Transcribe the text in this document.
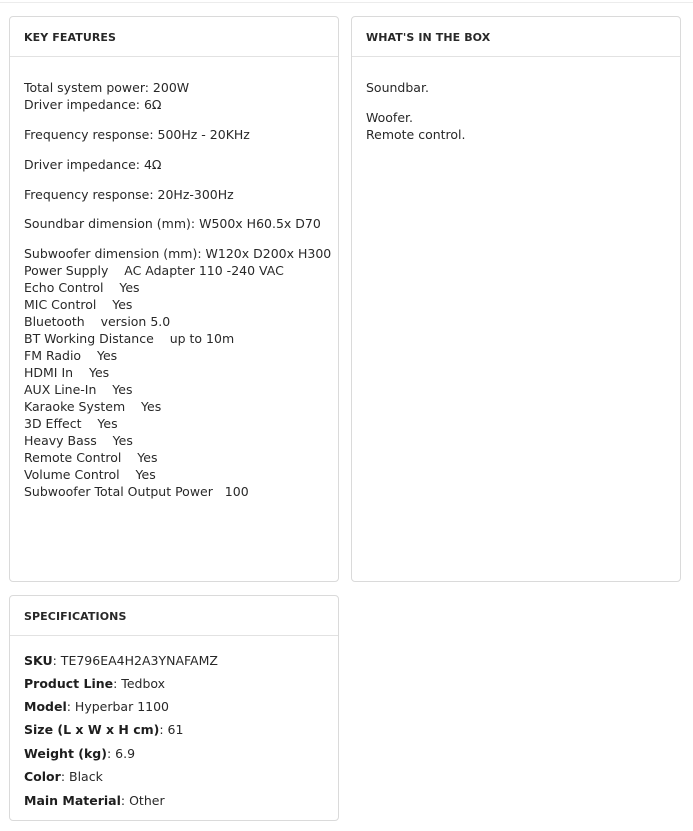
KEY FEATURES
Total system power: 200W
Driver impedance: 6Ω
Frequency response: 500Hz - 20KHz
Driver impedance: 4Ω
Frequency response: 20Hz-300Hz
Soundbar dimension (mm): W500x H60.5x D70
Subwoofer dimension (mm): W120x D200x H300
Power Supply    AC Adapter 110 -240 VAC
Echo Control    Yes
MIC Control    Yes
Bluetooth    version 5.0
BT Working Distance    up to 10m
FM Radio    Yes
HDMI In    Yes
AUX Line-In    Yes
Karaoke System    Yes
3D Effect    Yes
Heavy Bass    Yes
Remote Control    Yes
Volume Control    Yes
Subwoofer Total Output Power   100
WHAT'S IN THE BOX
Soundbar.
Woofer.
Remote control.
SPECIFICATIONS
SKU: TE796EA4H2A3YNAFAMZ
Product Line: Tedbox
Model: Hyperbar 1100
Size (L x W x H cm): 61
Weight (kg): 6.9
Color: Black
Main Material: Other
